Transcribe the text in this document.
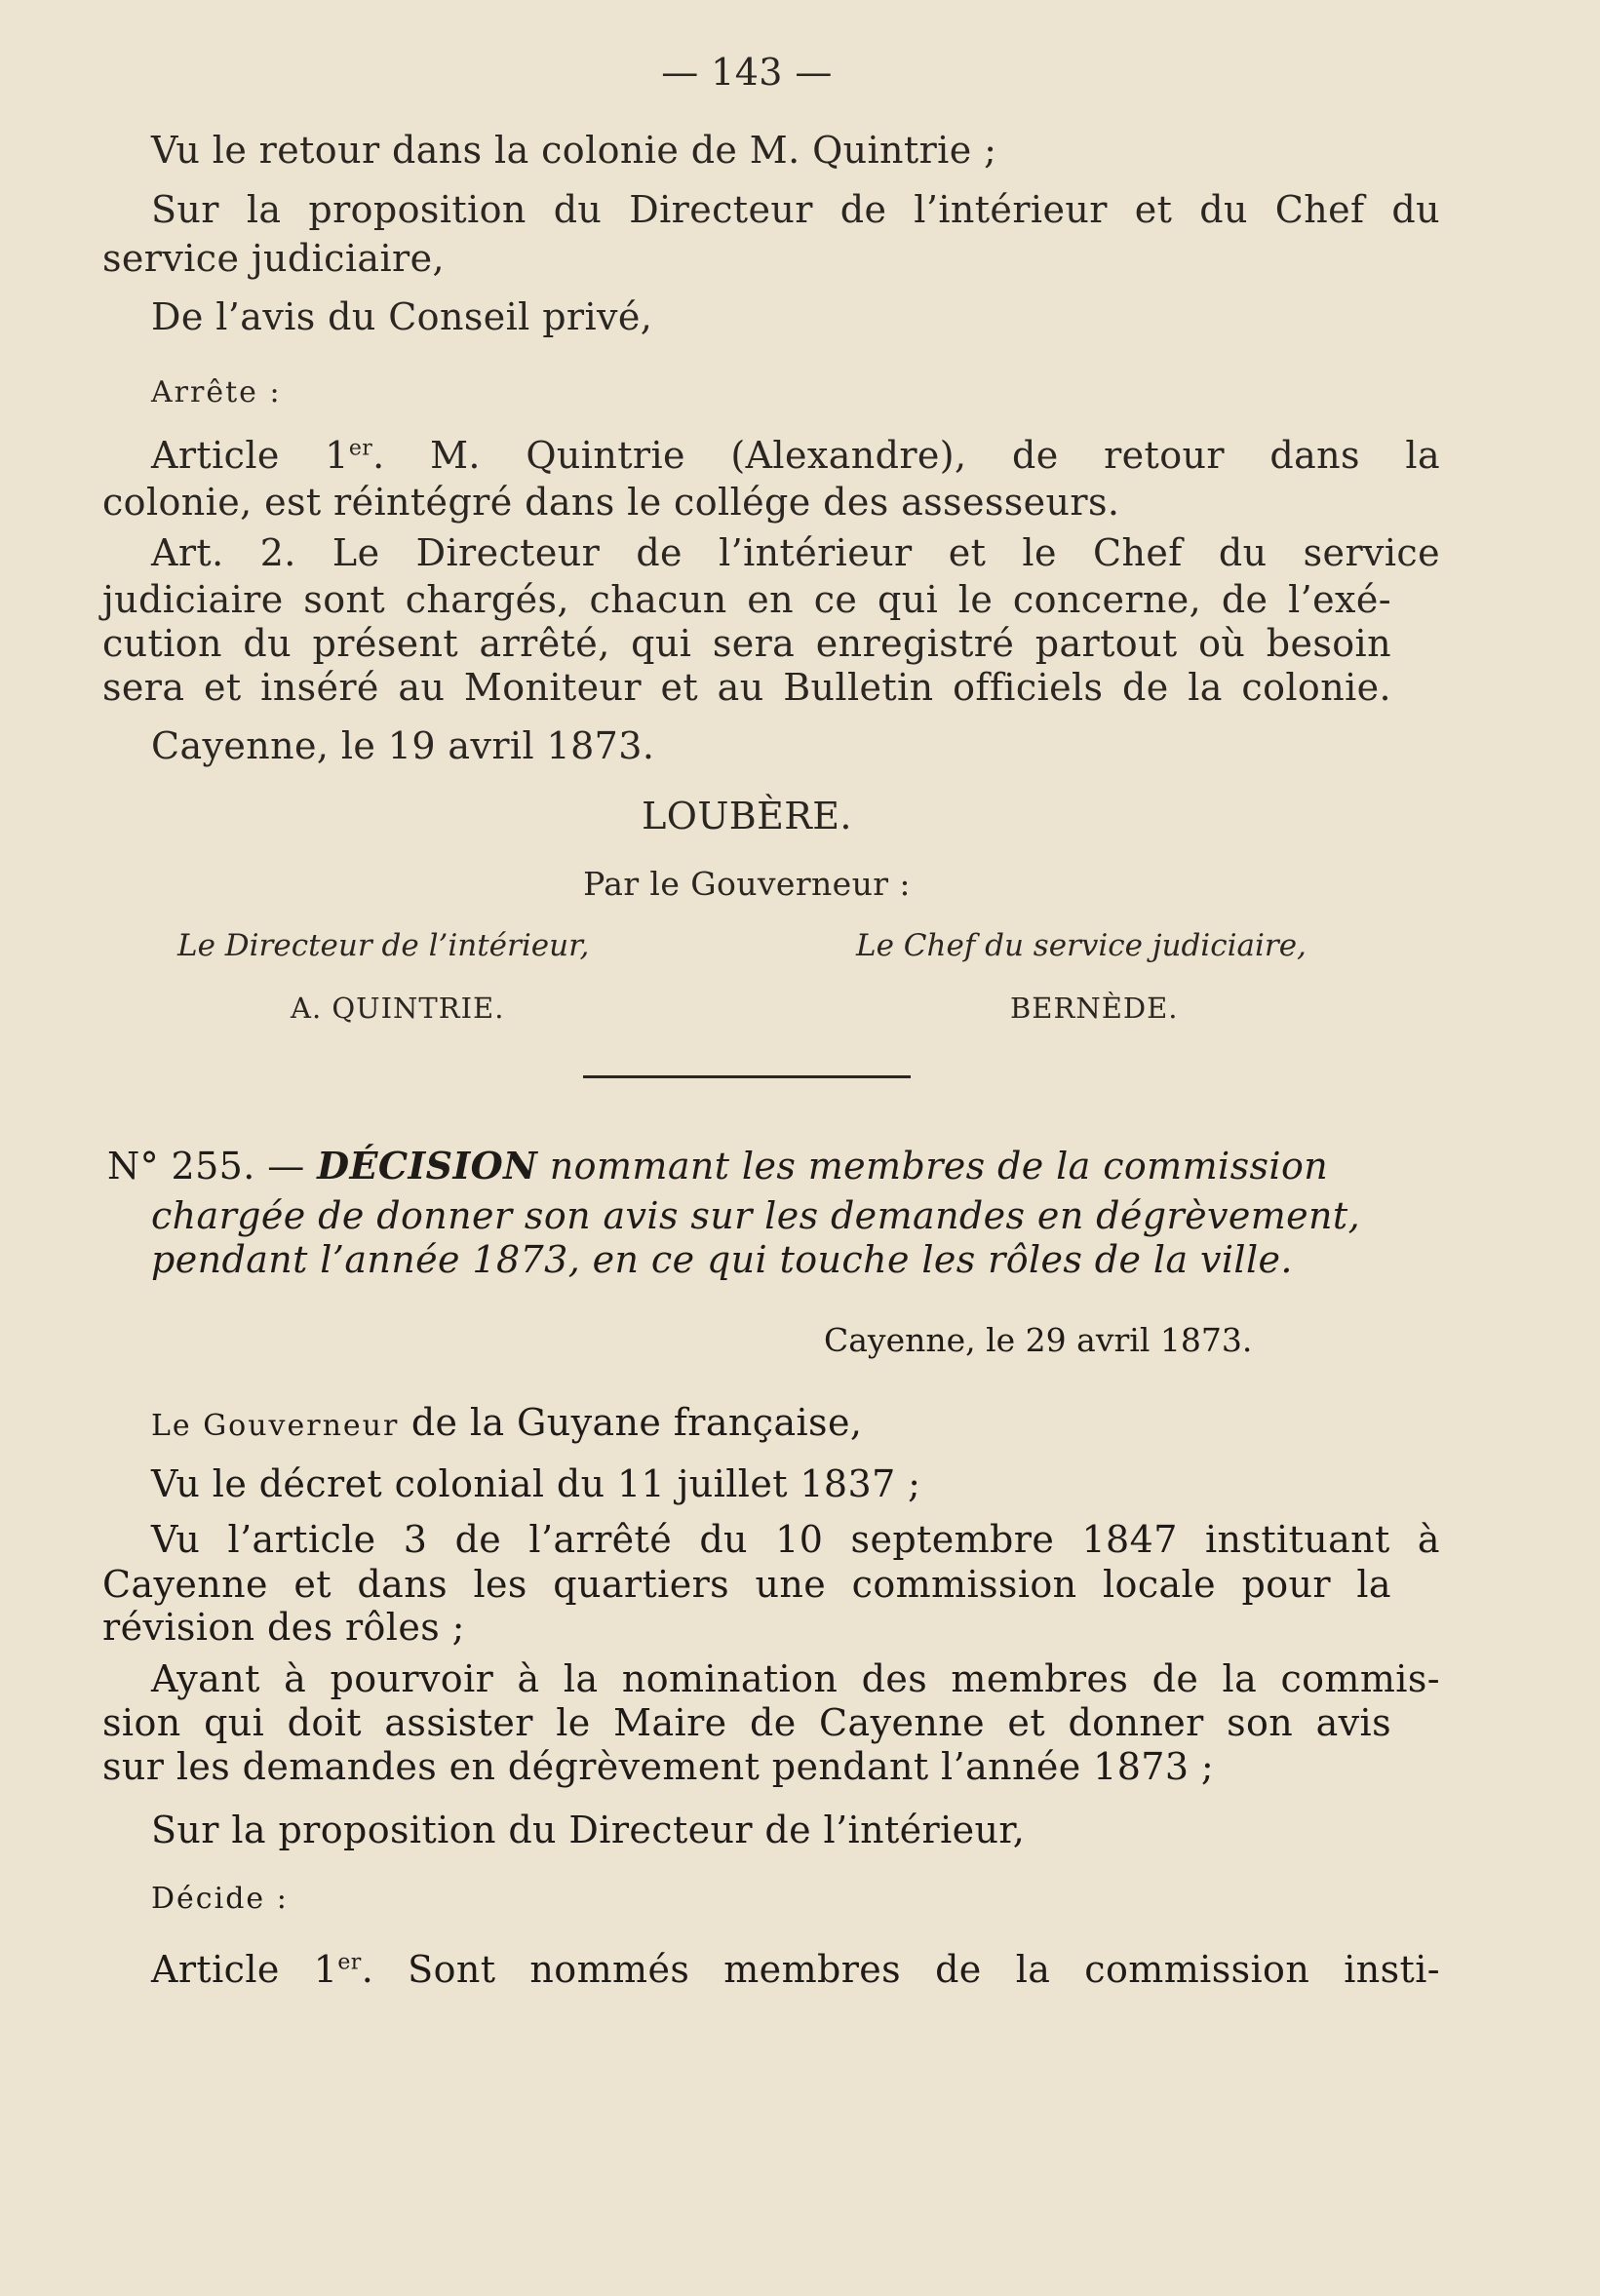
— 143 —
Vu le retour dans la colonie de M. Quintrie ;
Sur la proposition du Directeur de l’intérieur et du Chef du
service judiciaire,
De l’avis du Conseil privé,
Arrête :
Article 1er. M. Quintrie (Alexandre), de retour dans la
colonie, est réintégré dans le collége des assesseurs.
Art. 2. Le Directeur de l’intérieur et le Chef du service
judiciaire sont chargés, chacun en ce qui le concerne, de l’exé-
cution du présent arrêté, qui sera enregistré partout où besoin
sera et inséré au Moniteur et au Bulletin officiels de la colonie.
Cayenne, le 19 avril 1873.
LOUBÈRE.
Par le Gouverneur :
Le Directeur de l’intérieur,
A. QUINTRIE.
Le Chef du service judiciaire,
BERNÈDE.
N° 255. — DÉCISION nommant les membres de la commission
chargée de donner son avis sur les demandes en dégrèvement,
pendant l’année 1873, en ce qui touche les rôles de la ville.
Cayenne, le 29 avril 1873.
Le Gouverneur de la Guyane française,
Vu le décret colonial du 11 juillet 1837 ;
Vu l’article 3 de l’arrêté du 10 septembre 1847 instituant à
Cayenne et dans les quartiers une commission locale pour la
révision des rôles ;
Ayant à pourvoir à la nomination des membres de la commis-
sion qui doit assister le Maire de Cayenne et donner son avis
sur les demandes en dégrèvement pendant l’année 1873 ;
Sur la proposition du Directeur de l’intérieur,
Décide :
Article 1er. Sont nommés membres de la commission insti-
